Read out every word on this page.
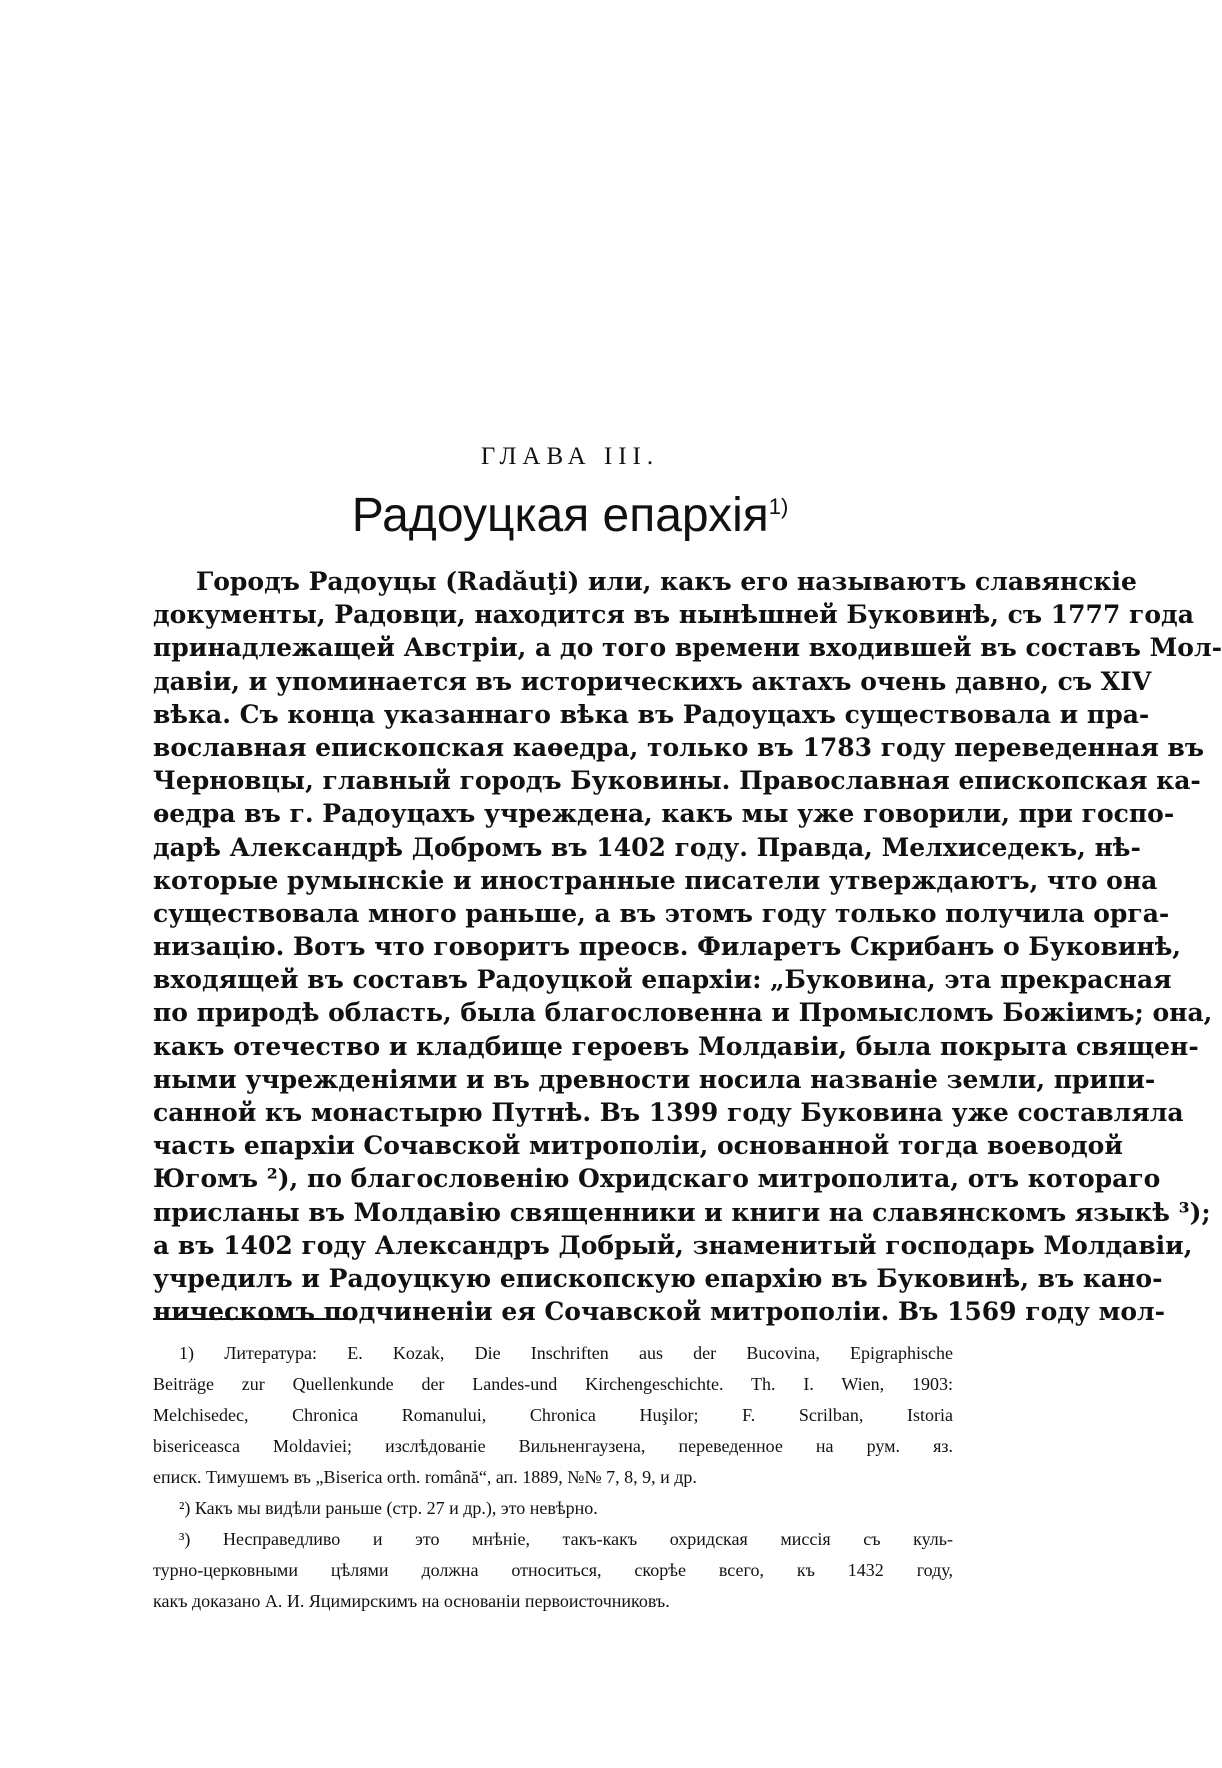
ГЛАВА III.
Радоуцкая епархія$^{1)}$
Городъ Радоуцы (Radăuţi) или, какъ его называютъ славянскіе
документы, Радовци, находится въ нынѣшней Буковинѣ, съ 1777 года
принадлежащей Австріи, а до того времени входившей въ составъ Мол-
давіи, и упоминается въ историческихъ актахъ очень давно, съ XIV
вѣка. Съ конца указаннаго вѣка въ Радоуцахъ существовала и пра-
вославная епископская каѳедра, только въ 1783 году переведенная въ
Черновцы, главный городъ Буковины. Православная епископская ка-
ѳедра въ г. Радоуцахъ учреждена, какъ мы уже говорили, при госпо-
дарѣ Александрѣ Добромъ въ 1402 году. Правда, Мелхиседекъ, нѣ-
которые румынскіе и иностранные писатели утверждаютъ, что она
существовала много раньше, а въ этомъ году только получила орга-
низацію. Вотъ что говоритъ преосв. Филаретъ Скрибанъ о Буковинѣ,
входящей въ составъ Радоуцкой епархіи: „Буковина, эта прекрасная
по природѣ область, была благословенна и Промысломъ Божіимъ; она,
какъ отечество и кладбище героевъ Молдавіи, была покрыта священ-
ными учрежденіями и въ древности носила названіе земли, припи-
санной къ монастырю Путнѣ. Въ 1399 году Буковина уже составляла
часть епархіи Сочавской митрополіи, основанной тогда воеводой
Югомъ ²), по благословенію Охридскаго митрополита, отъ котораго
присланы въ Молдавію священники и книги на славянскомъ языкѣ ³);
а въ 1402 году Александръ Добрый, знаменитый господарь Молдавіи,
учредилъ и Радоуцкую епископскую епархію въ Буковинѣ, въ кано-
ническомъ подчиненіи ея Сочавской митрополіи. Въ 1569 году мол-
1) Литература: E. Kozak, Die Inschriften aus der Bucovina, Epigraphische
Beiträge zur Quellenkunde der Landes-und Kirchengeschichte. Th. I. Wien, 1903:
Melchisedec, Chronica Romanului, Chronica Huşilor; F. Scrilban, Istoria
bisericeasca Moldaviei; изслѣдованіе Вильненгаузена, переведенное на рум. яз.
еписк. Тимушемъ въ „Biserica orth. română“, ап. 1889, №№ 7, 8, 9, и др.
²) Какъ мы видѣли раньше (стр. 27 и др.), это невѣрно.
³) Несправедливо и это мнѣніе, такъ-какъ охридская миссія съ куль-
турно-церковными цѣлями должна относиться, скорѣе всего, къ 1432 году,
какъ доказано А. И. Яцимирскимъ на основаніи первоисточниковъ.
